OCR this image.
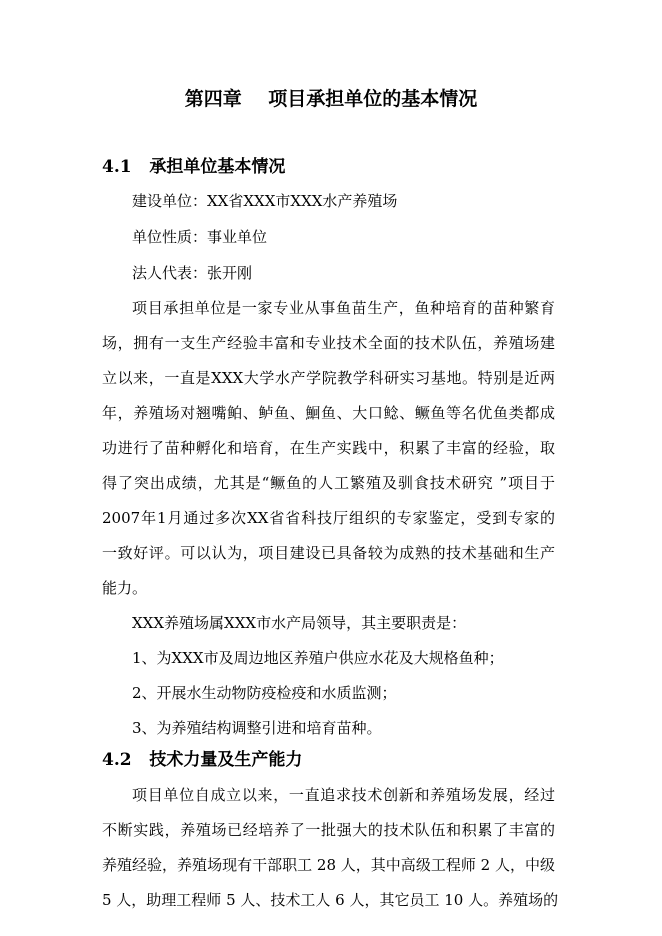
第四章    项目承担单位的基本情况
4.1   承担单位基本情况
建设单位：XX省XXX市XXX水产养殖场
单位性质：事业单位
法人代表：张开刚
项目承担单位是一家专业从事鱼苗生产，鱼种培育的苗种繁育
场，拥有一支生产经验丰富和专业技术全面的技术队伍，养殖场建
立以来，一直是XXX大学水产学院教学科研实习基地。特别是近两
年，养殖场对翘嘴鲌、鲈鱼、鮰鱼、大口鲶、鳜鱼等名优鱼类都成
功进行了苗种孵化和培育，在生产实践中，积累了丰富的经验，取
得了突出成绩，尤其是“鳜鱼的人工繁殖及驯食技术研究 ”项目于
2007年1月通过多次XX省省科技厅组织的专家鉴定，受到专家的
一致好评。可以认为，项目建设已具备较为成熟的技术基础和生产
能力。
XXX养殖场属XXX市水产局领导，其主要职责是：
1、为XXX市及周边地区养殖户供应水花及大规格鱼种；
2、开展水生动物防疫检疫和水质监测；
3、为养殖结构调整引进和培育苗种。
4.2   技术力量及生产能力
项目单位自成立以来，一直追求技术创新和养殖场发展，经过
不断实践，养殖场已经培养了一批强大的技术队伍和积累了丰富的
养殖经验，养殖场现有干部职工 28 人，其中高级工程师 2 人，中级
5 人，助理工程师 5 人、技术工人 6 人，其它员工 10 人。养殖场的
